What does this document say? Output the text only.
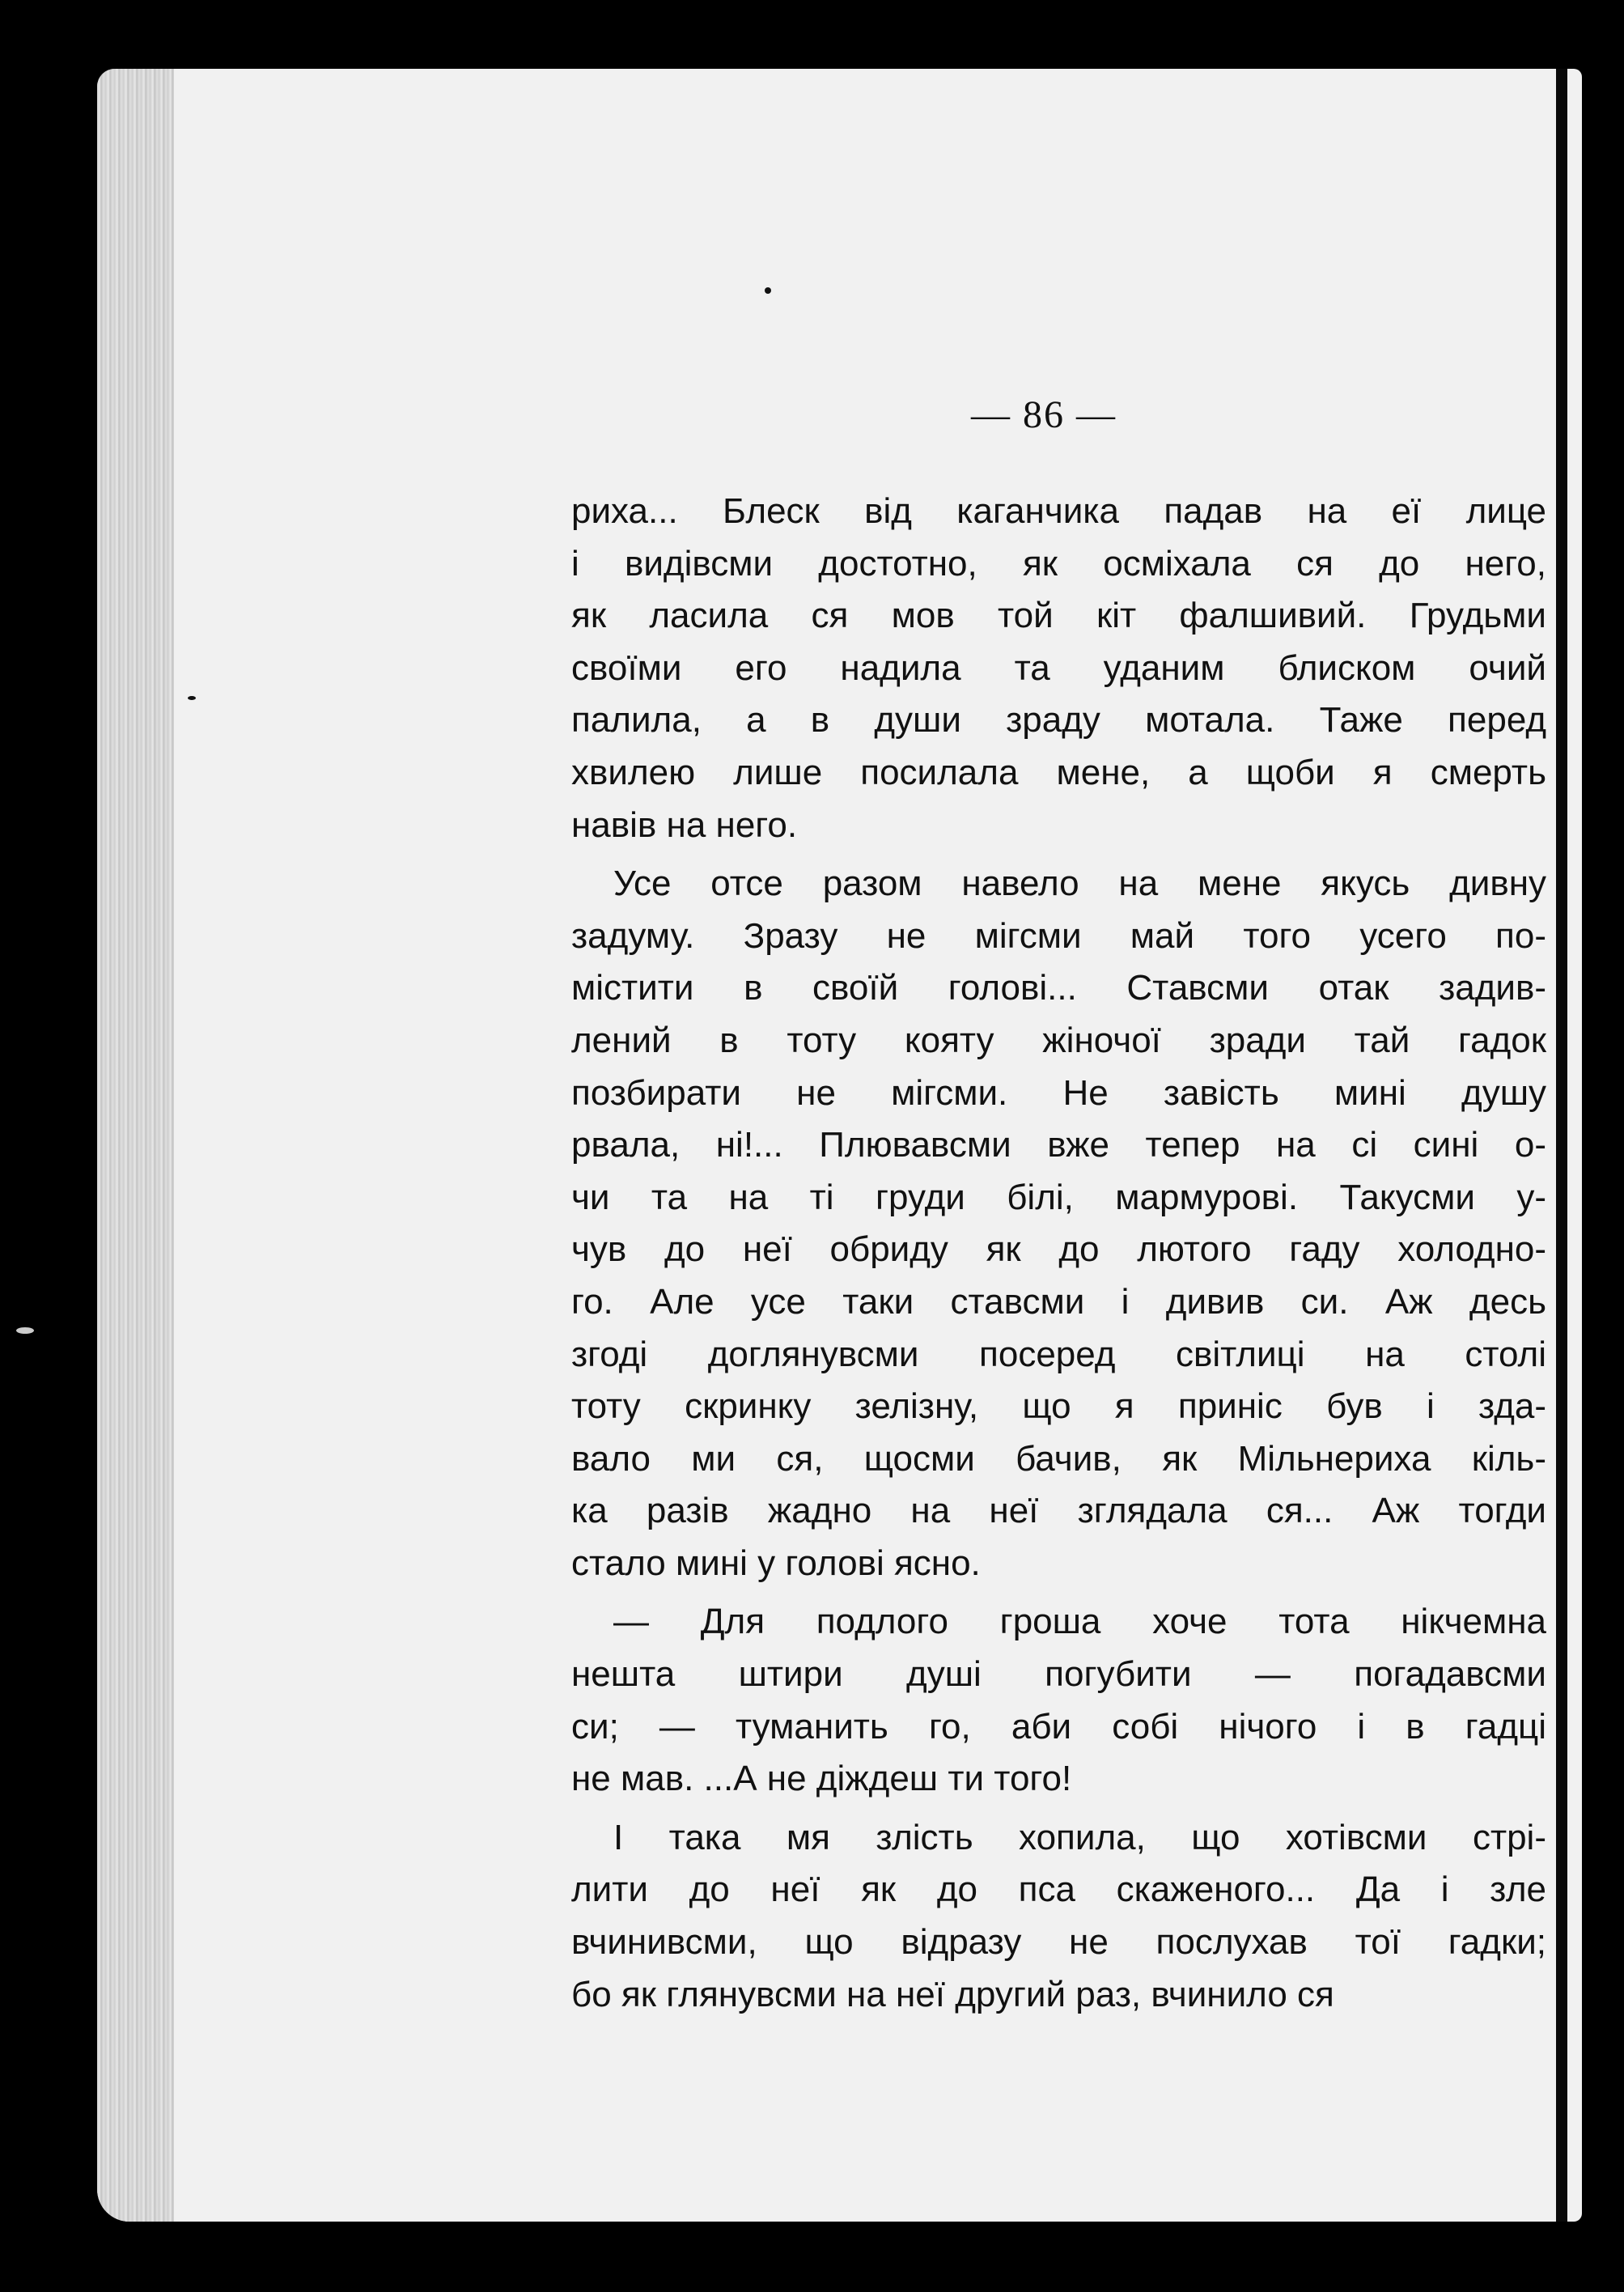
— 86 —
риха... Блеск від каганчика падав на еї лице
і видівсми достотно, як осміхала ся до него,
як ласила ся мов той кіт фалшивий. Грудьми
своїми его надила та уданим блиском очий
палила, а в души зраду мотала. Таже перед
хвилею лише посилала мене, а щоби я смерть
навів на него.
Усе отсе разом навело на мене якусь дивну
задуму. Зразу не мігсми май того усего по-
містити в своїй голові... Ставсми отак задив-
лений в тоту кояту жіночої зради тай гадок
позбирати не мігсми. Не завість мині душу
рвала, ні!... Плювавсми вже тепер на сі сині о-
чи та на ті груди білі, мармурові. Такусми у-
чув до неї обриду як до лютого гаду холодно-
го. Але усе таки ставсми і дивив си. Аж десь
згоді доглянувсми посеред світлиці на столі
тоту скринку зелізну, що я приніс був і зда-
вало ми ся, щосми бачив, як Мільнериха кіль-
ка разів жадно на неї зглядала ся... Аж тогди
стало мині у голові ясно.
— Для подлого гроша хоче тота нікчемна
нешта штири душі погубити — погадавсми
си; — туманить го, аби собі нічого і в гадці
не мав. ...А не діждеш ти того!
І така мя злість хопила, що хотівсми стрі-
лити до неї як до пса скаженого... Да і зле
вчинивсми, що відразу не послухав тої гадки;
бо як глянувсми на неї другий раз, вчинило ся
